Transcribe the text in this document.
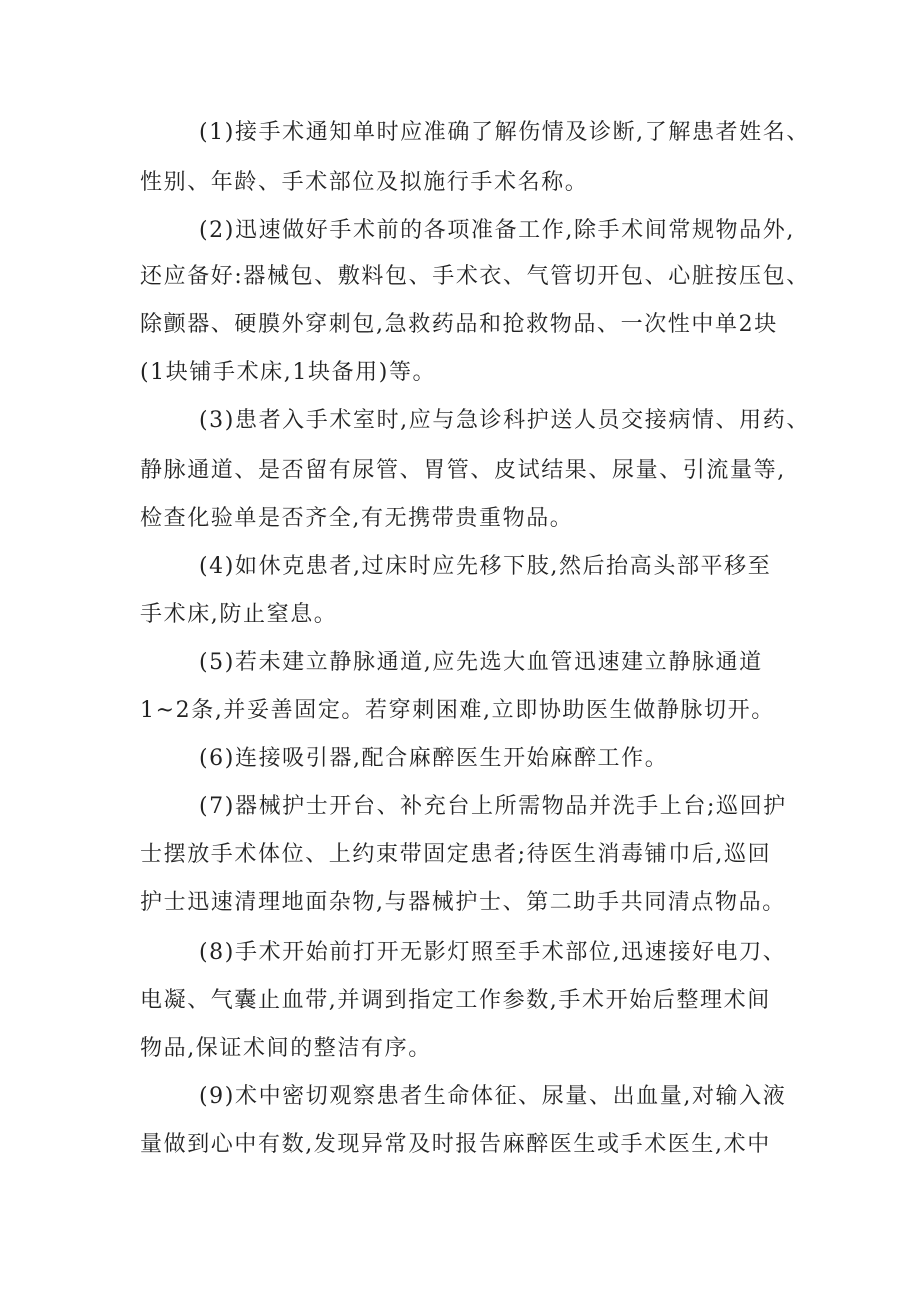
(1)接手术通知单时应准确了解伤情及诊断,了解患者姓名、
性别、年龄、手术部位及拟施行手术名称。
(2)迅速做好手术前的各项准备工作,除手术间常规物品外,
还应备好:器械包、敷料包、手术衣、气管切开包、心脏按压包、
除颤器、硬膜外穿刺包,急救药品和抢救物品、一次性中单2块
(1块铺手术床,1块备用)等。
(3)患者入手术室时,应与急诊科护送人员交接病情、用药、
静脉通道、是否留有尿管、胃管、皮试结果、尿量、引流量等,
检查化验单是否齐全,有无携带贵重物品。
(4)如休克患者,过床时应先移下肢,然后抬高头部平移至
手术床,防止窒息。
(5)若未建立静脉通道,应先选大血管迅速建立静脉通道
1~2条,并妥善固定。若穿刺困难,立即协助医生做静脉切开。
(6)连接吸引器,配合麻醉医生开始麻醉工作。
(7)器械护士开台、补充台上所需物品并洗手上台;巡回护
士摆放手术体位、上约束带固定患者;待医生消毒铺巾后,巡回
护士迅速清理地面杂物,与器械护士、第二助手共同清点物品。
(8)手术开始前打开无影灯照至手术部位,迅速接好电刀、
电凝、气囊止血带,并调到指定工作参数,手术开始后整理术间
物品,保证术间的整洁有序。
(9)术中密切观察患者生命体征、尿量、出血量,对输入液
量做到心中有数,发现异常及时报告麻醉医生或手术医生,术中
